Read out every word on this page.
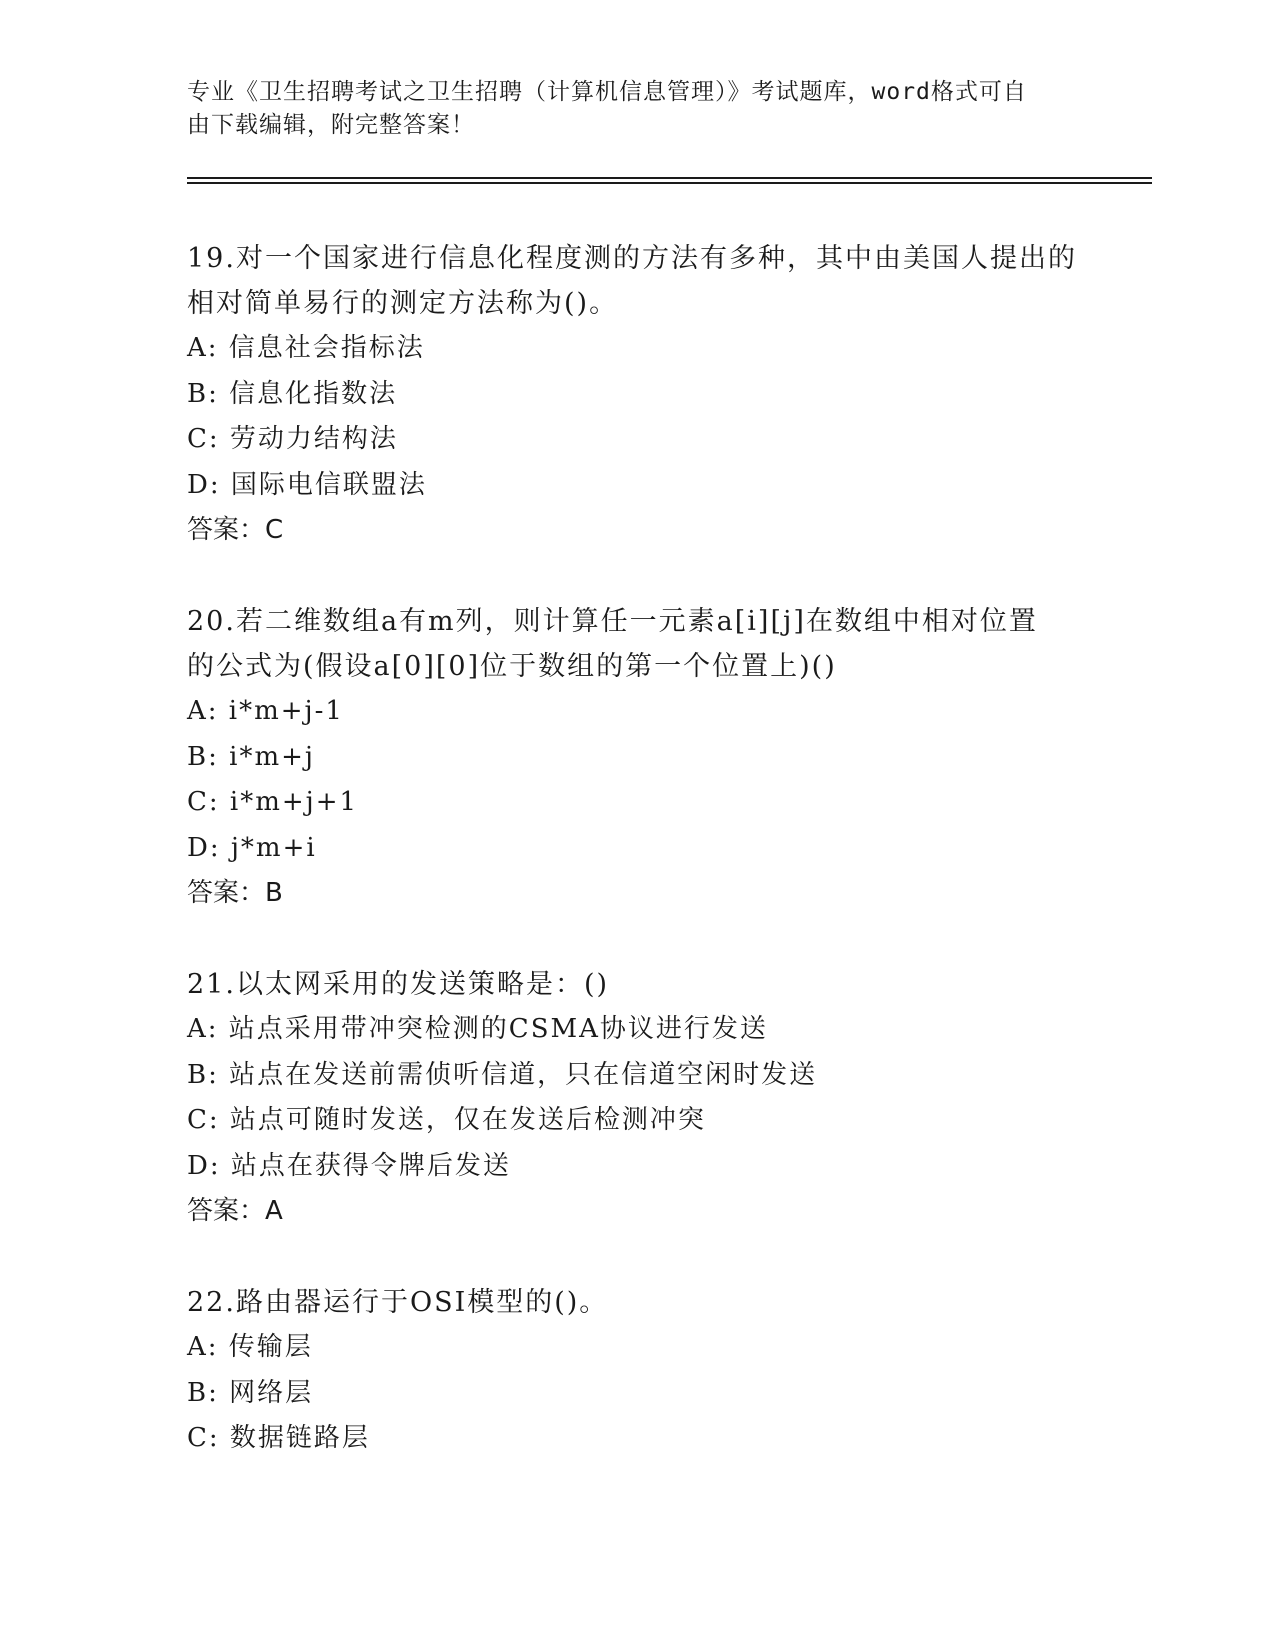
专业《卫生招聘考试之卫生招聘（计算机信息管理）》考试题库，word格式可自
由下载编辑，附完整答案！

19.对一个国家进行信息化程度测的方法有多种，其中由美国人提出的

相对简单易行的测定方法称为()。

A: 信息社会指标法

B: 信息化指数法

C: 劳动力结构法

D: 国际电信联盟法

答案：C

20.若二维数组a有m列，则计算任一元素a[i][j]在数组中相对位置

的公式为(假设a[0][0]位于数组的第一个位置上)()

A: i*m+j-1

B: i*m+j

C: i*m+j+1

D: j*m+i

答案：B

21.以太网采用的发送策略是：()

A: 站点采用带冲突检测的CSMA协议进行发送

B: 站点在发送前需侦听信道，只在信道空闲时发送

C: 站点可随时发送，仅在发送后检测冲突

D: 站点在获得令牌后发送

答案：A

22.路由器运行于OSI模型的()。

A: 传输层

B: 网络层

C: 数据链路层
